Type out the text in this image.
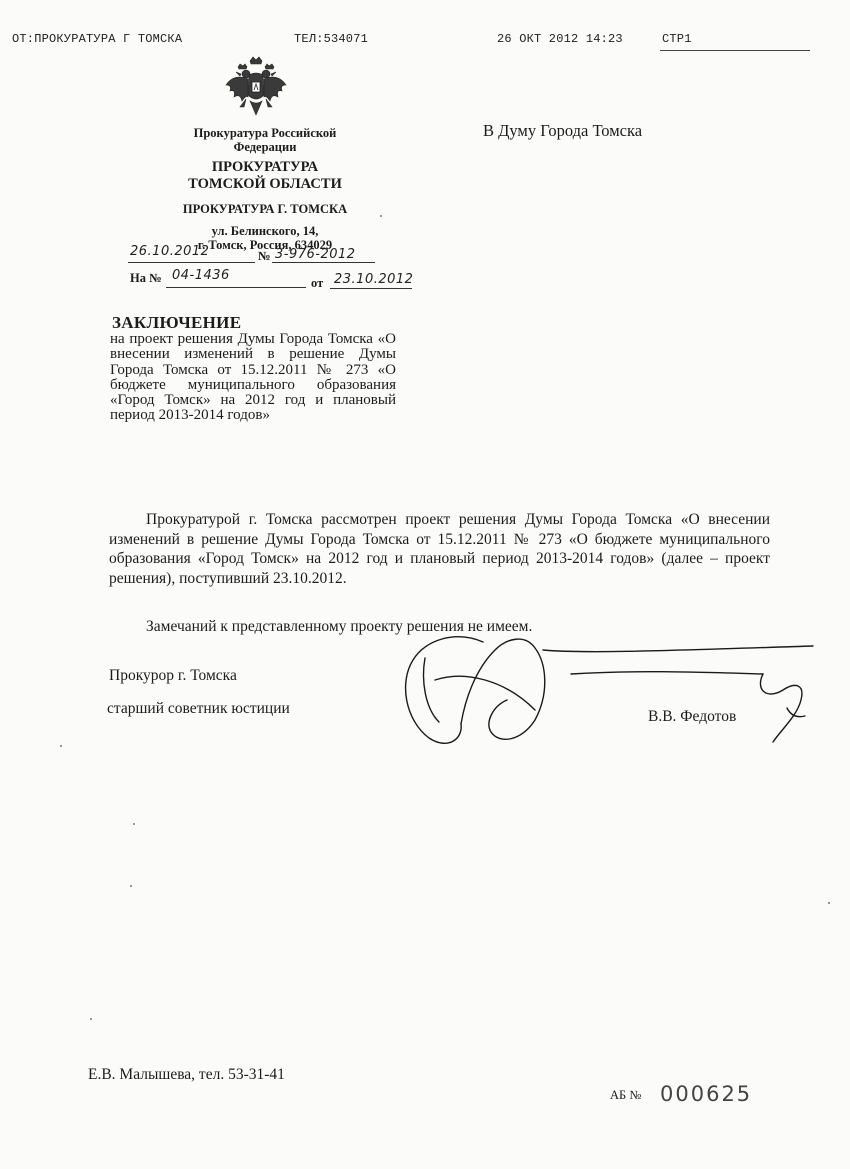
ОТ:ПРОКУРАТУРА Г ТОМСКА	ТЕЛ:534071	26 ОКТ 2012 14:23	СТР1
Прокуратура Российской
Федерации
ПРОКУРАТУРА
ТОМСКОЙ ОБЛАСТИ
ПРОКУРАТУРА Г. ТОМСКА
ул. Белинского, 14,
г. Томск, Россия, 634029
26.10.2012	№ 3-976-2012
На № 04-1436	от 23.10.2012
В Думу Города Томска
ЗАКЛЮЧЕНИЕ
на проект решения Думы Города Томска «О внесении изменений в решение Думы Города Томска от 15.12.2011 № 273 «О бюджете муниципального образования «Город Томск» на 2012 год и плановый период 2013-2014 годов»
Прокуратурой г. Томска рассмотрен проект решения Думы Города Томска «О внесении изменений в решение Думы Города Томска от 15.12.2011 № 273 «О бюджете муниципального образования «Город Томск» на 2012 год и плановый период 2013-2014 годов» (далее – проект решения), поступивший 23.10.2012.
Замечаний к представленному проекту решения не имеем.
Прокурор г. Томска
старший советник юстиции	В.В. Федотов
Е.В. Малышева, тел. 53-31-41
АБ № 000625
